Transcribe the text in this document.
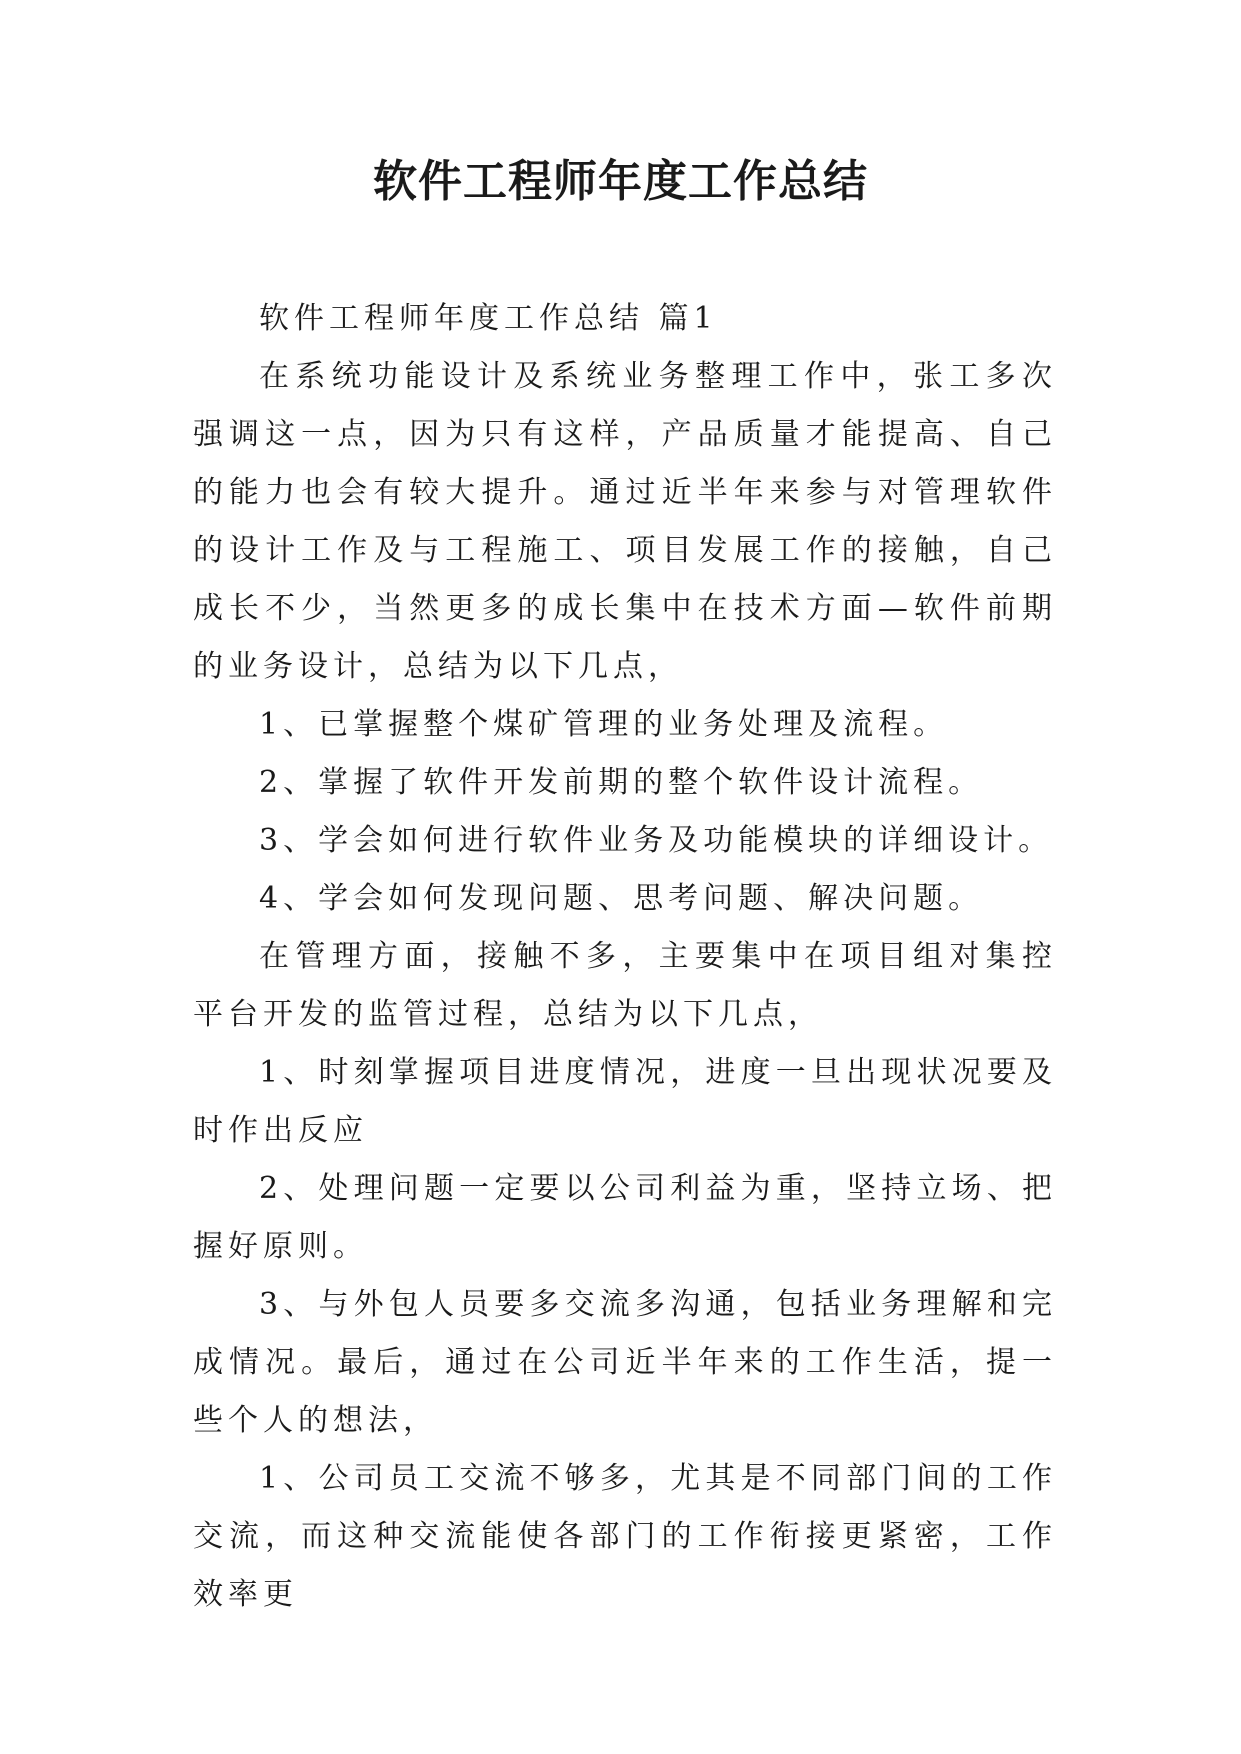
软件工程师年度工作总结

软件工程师年度工作总结 篇1

在系统功能设计及系统业务整理工作中，张工多次强调这一点，因为只有这样，产品质量才能提高、自己的能力也会有较大提升。通过近半年来参与对管理软件的设计工作及与工程施工、项目发展工作的接触，自己成长不少，当然更多的成长集中在技术方面—软件前期的业务设计，总结为以下几点，

1、已掌握整个煤矿管理的业务处理及流程。

2、掌握了软件开发前期的整个软件设计流程。

3、学会如何进行软件业务及功能模块的详细设计。

4、学会如何发现问题、思考问题、解决问题。

在管理方面，接触不多，主要集中在项目组对集控平台开发的监管过程，总结为以下几点，

1、时刻掌握项目进度情况，进度一旦出现状况要及时作出反应

2、处理问题一定要以公司利益为重，坚持立场、把握好原则。

3、与外包人员要多交流多沟通，包括业务理解和完成情况。最后，通过在公司近半年来的工作生活，提一些个人的想法，

1、公司员工交流不够多，尤其是不同部门间的工作交流，而这种交流能使各部门的工作衔接更紧密，工作效率更
